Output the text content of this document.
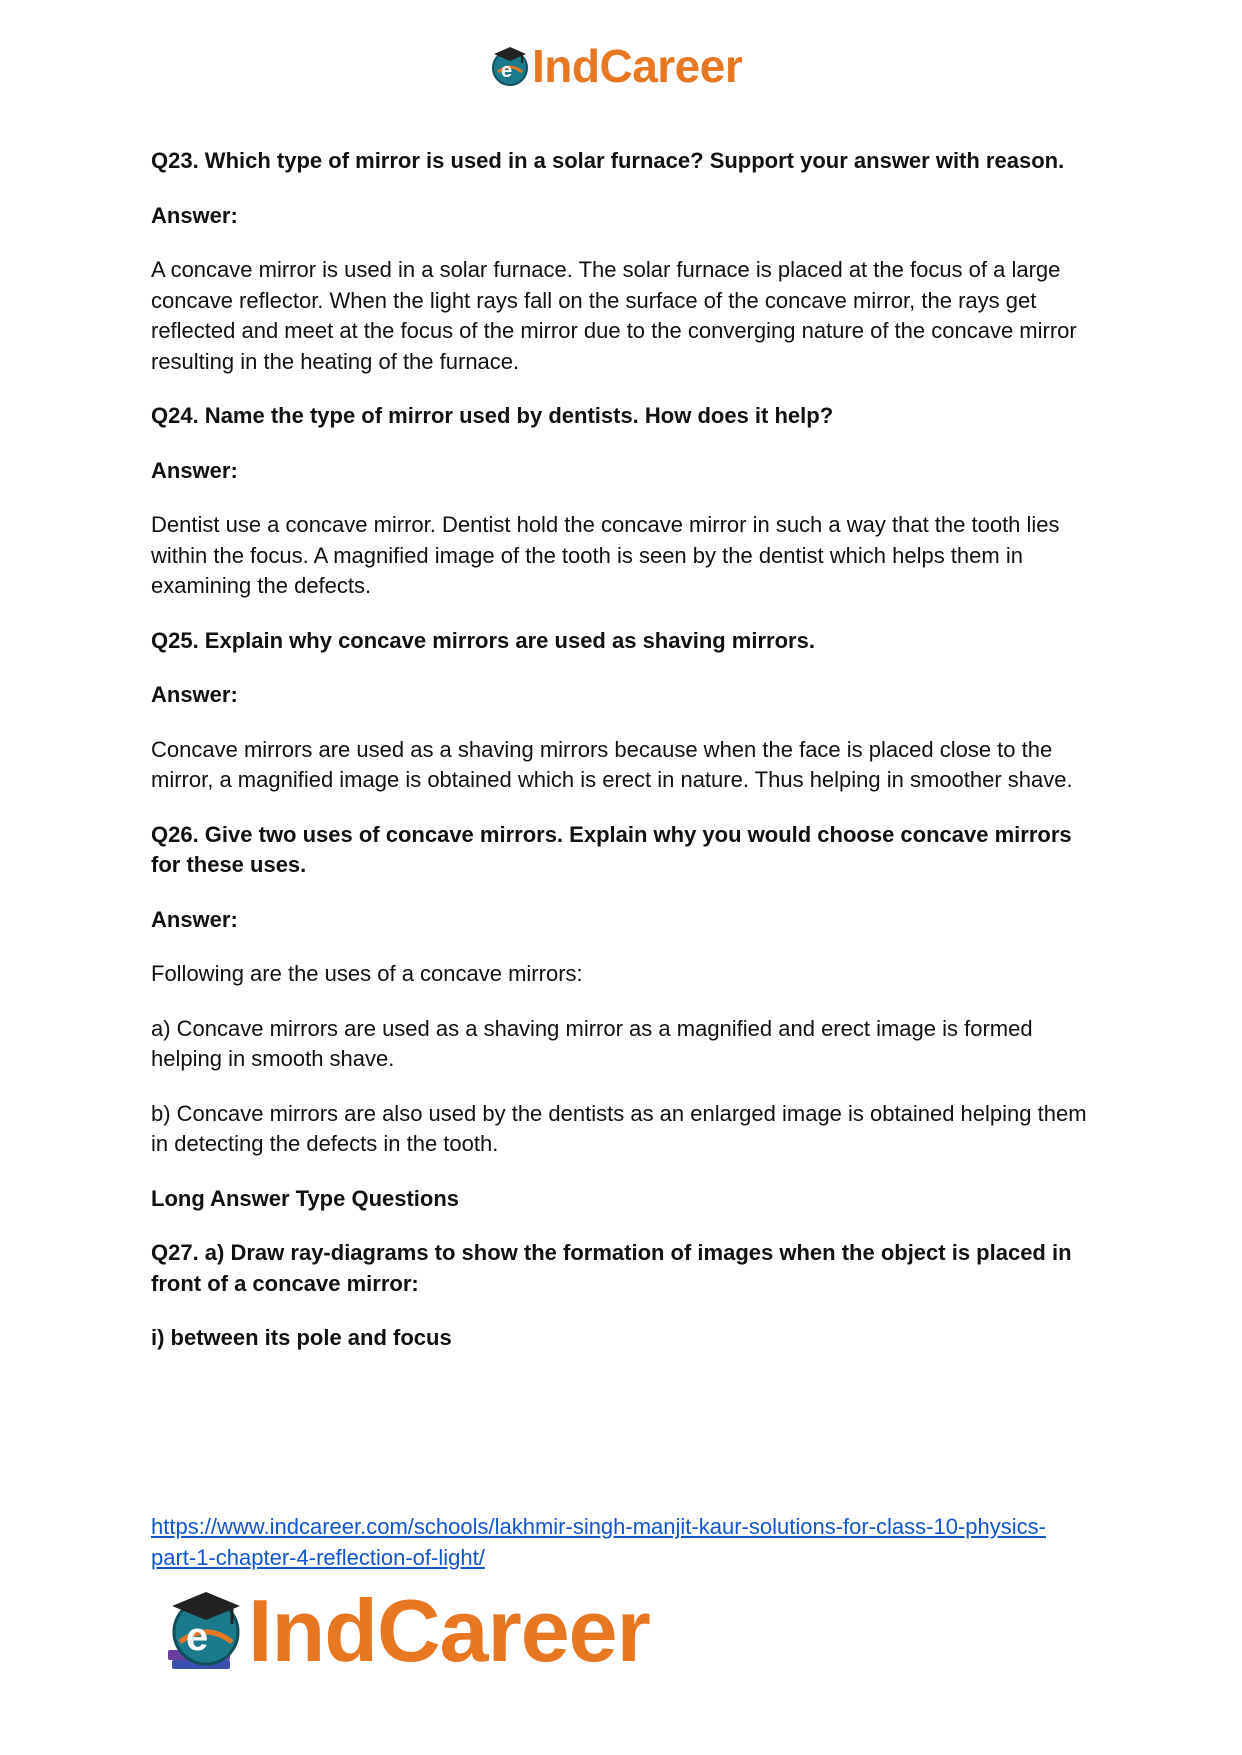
e IndCareer

Q23. Which type of mirror is used in a solar furnace? Support your answer with reason.

Answer:

A concave mirror is used in a solar furnace. The solar furnace is placed at the focus of a large concave reflector. When the light rays fall on the surface of the concave mirror, the rays get reflected and meet at the focus of the mirror due to the converging nature of the concave mirror resulting in the heating of the furnace.

Q24. Name the type of mirror used by dentists. How does it help?

Answer:

Dentist use a concave mirror. Dentist hold the concave mirror in such a way that the tooth lies within the focus. A magnified image of the tooth is seen by the dentist which helps them in examining the defects.

Q25. Explain why concave mirrors are used as shaving mirrors.

Answer:

Concave mirrors are used as a shaving mirrors because when the face is placed close to the mirror, a magnified image is obtained which is erect in nature. Thus helping in smoother shave.

Q26. Give two uses of concave mirrors. Explain why you would choose concave mirrors for these uses.

Answer:

Following are the uses of a concave mirrors:

a) Concave mirrors are used as a shaving mirror as a magnified and erect image is formed helping in smooth shave.

b) Concave mirrors are also used by the dentists as an enlarged image is obtained helping them in detecting the defects in the tooth.

Long Answer Type Questions

Q27. a) Draw ray-diagrams to show the formation of images when the object is placed in front of a concave mirror:

i) between its pole and focus

https://www.indcareer.com/schools/lakhmir-singh-manjit-kaur-solutions-for-class-10-physics-
part-1-chapter-4-reflection-of-light/
e IndCareer
